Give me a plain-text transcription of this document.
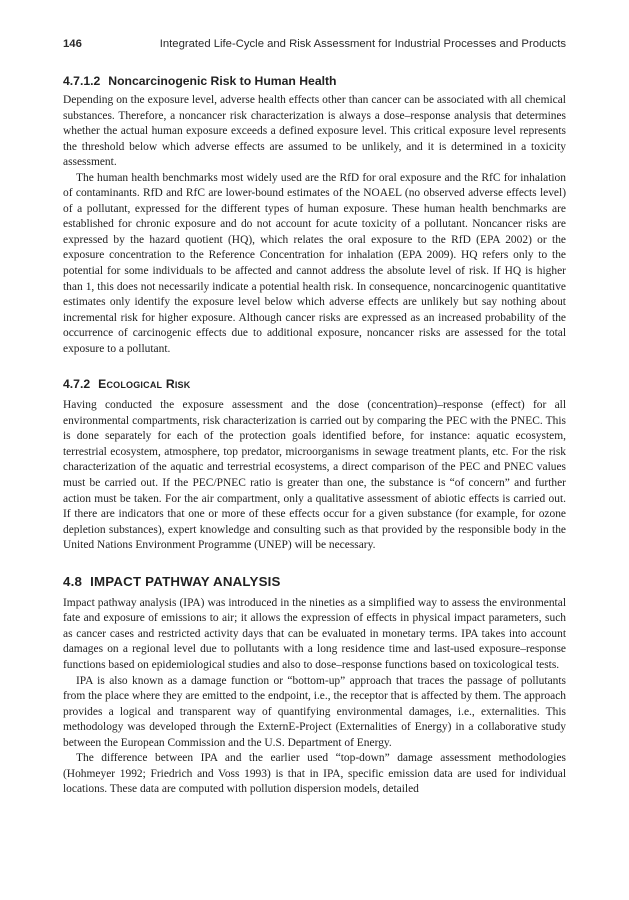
146	Integrated Life-Cycle and Risk Assessment for Industrial Processes and Products
4.7.1.2 Noncarcinogenic Risk to Human Health

Depending on the exposure level, adverse health effects other than cancer can be associated with all chemical substances. Therefore, a noncancer risk characterization is always a dose–response analysis that determines whether the actual human exposure exceeds a defined exposure level. This critical exposure level represents the threshold below which adverse effects are assumed to be unlikely, and it is determined in a toxicity assessment.

The human health benchmarks most widely used are the RfD for oral exposure and the RfC for inhalation of contaminants. RfD and RfC are lower-bound estimates of the NOAEL (no observed adverse effects level) of a pollutant, expressed for the different types of human exposure. These human health benchmarks are established for chronic exposure and do not account for acute toxicity of a pollutant. Noncancer risks are expressed by the hazard quotient (HQ), which relates the oral exposure to the RfD (EPA 2002) or the exposure concentration to the Reference Concentration for inhalation (EPA 2009). HQ refers only to the potential for some individuals to be affected and cannot address the absolute level of risk. If HQ is higher than 1, this does not necessarily indicate a potential health risk. In consequence, noncarcinogenic quantitative estimates only identify the exposure level below which adverse effects are unlikely but say nothing about incremental risk for higher exposure. Although cancer risks are expressed as an increased probability of the occurrence of carcinogenic effects due to additional exposure, noncancer risks are assessed for the total exposure to a pollutant.

4.7.2 Ecological Risk

Having conducted the exposure assessment and the dose (concentration)–response (effect) for all environmental compartments, risk characterization is carried out by comparing the PEC with the PNEC. This is done separately for each of the protection goals identified before, for instance: aquatic ecosystem, terrestrial ecosystem, atmosphere, top predator, microorganisms in sewage treatment plants, etc. For the risk characterization of the aquatic and terrestrial ecosystems, a direct comparison of the PEC and PNEC values must be carried out. If the PEC/PNEC ratio is greater than one, the substance is “of concern” and further action must be taken. For the air compartment, only a qualitative assessment of abiotic effects is carried out. If there are indicators that one or more of these effects occur for a given substance (for example, for ozone depletion substances), expert knowledge and consulting such as that provided by the responsible body in the United Nations Environment Programme (UNEP) will be necessary.

4.8 IMPACT PATHWAY ANALYSIS

Impact pathway analysis (IPA) was introduced in the nineties as a simplified way to assess the environmental fate and exposure of emissions to air; it allows the expression of effects in physical impact parameters, such as cancer cases and restricted activity days that can be evaluated in monetary terms. IPA takes into account damages on a regional level due to pollutants with a long residence time and last-used exposure–response functions based on epidemiological studies and also to dose–response functions based on toxicological tests.

IPA is also known as a damage function or “bottom-up” approach that traces the passage of pollutants from the place where they are emitted to the endpoint, i.e., the receptor that is affected by them. The approach provides a logical and transparent way of quantifying environmental damages, i.e., externalities. This methodology was developed through the ExternE-Project (Externalities of Energy) in a collaborative study between the European Commission and the U.S. Department of Energy.

The difference between IPA and the earlier used “top-down” damage assessment methodologies (Hohmeyer 1992; Friedrich and Voss 1993) is that in IPA, specific emission data are used for individual locations. These data are computed with pollution dispersion models, detailed
